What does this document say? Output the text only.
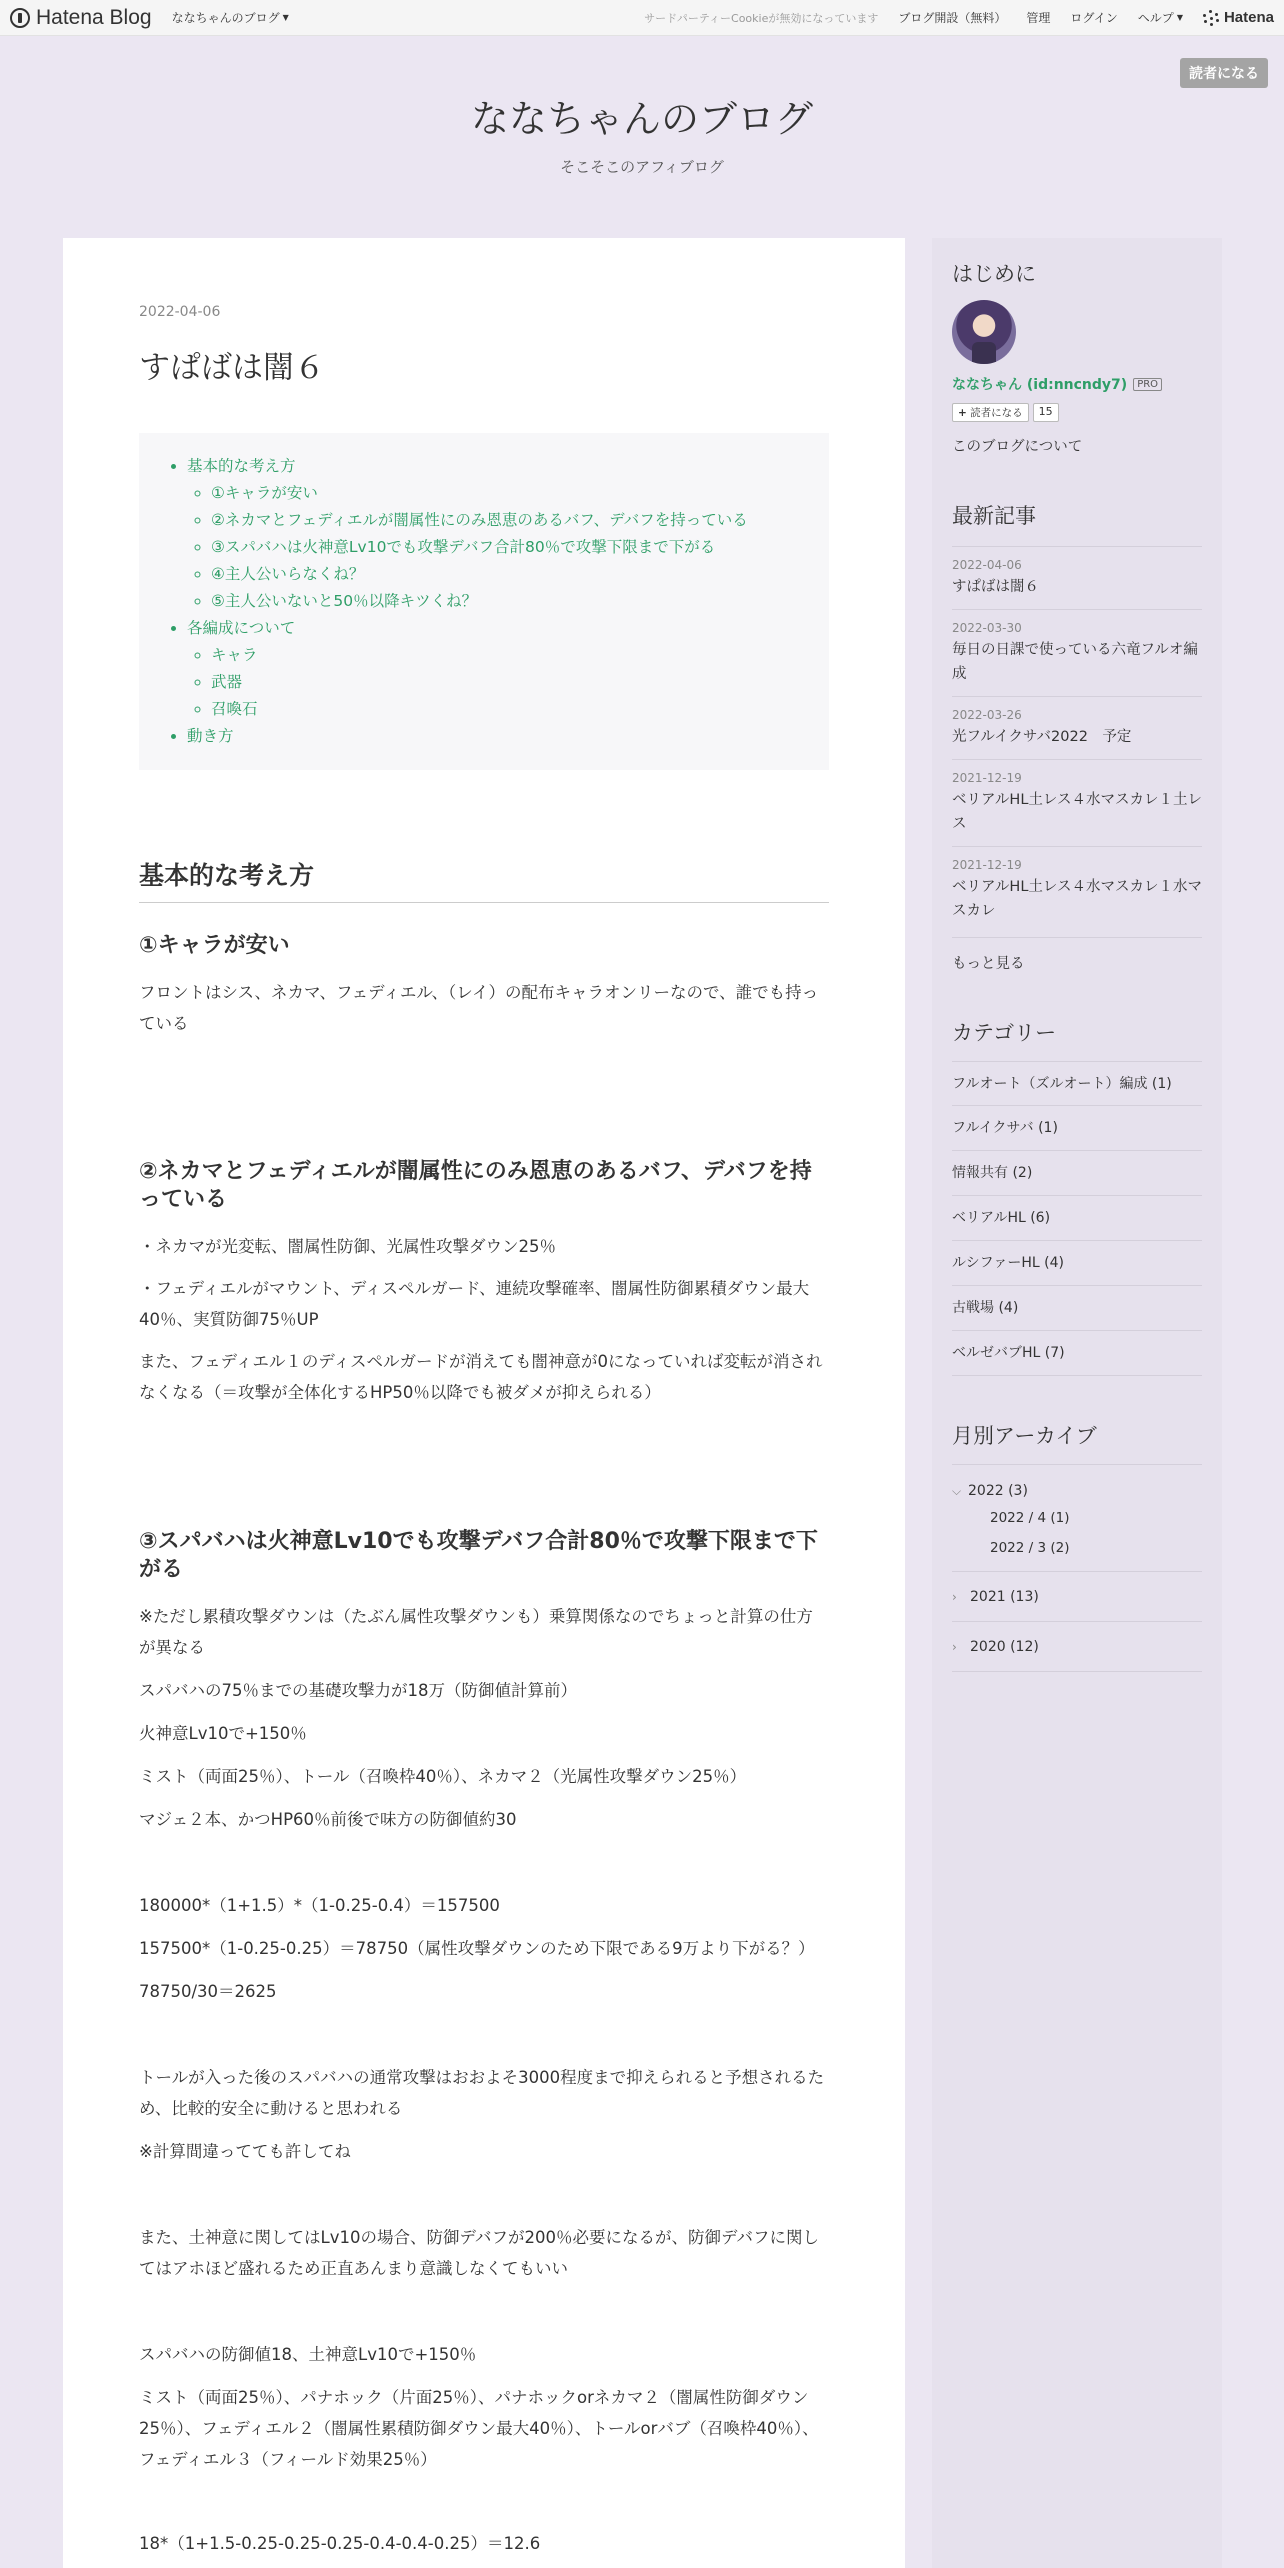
Hatena Blog ななちゃんのブログ ▼	サードパーティーCookieが無効になっています ブログ開設（無料） 管理 ログイン ヘルプ ▼	Hatena
読者になる
ななちゃんのブログ
そこそこのアフィブログ
2022-04-06
すぱばは闇６
• 基本的な考え方
◦ ①キャラが安い
◦ ②ネカマとフェディエルが闇属性にのみ恩恵のあるバフ、デバフを持っている
◦ ③スパバハは火神意Lv10でも攻撃デバフ合計80％で攻撃下限まで下がる
◦ ④主人公いらなくね？
◦ ⑤主人公いないと50％以降キツくね？
• 各編成について
◦ キャラ
◦ 武器
◦ 召喚石
• 動き方
基本的な考え方
①キャラが安い

フロントはシス、ネカマ、フェディエル、（レイ）の配布キャラオンリーなので、誰でも持っている

②ネカマとフェディエルが闇属性にのみ恩恵のあるバフ、デバフを持っている

・ネカマが光変転、闇属性防御、光属性攻撃ダウン25％

・フェディエルがマウント、ディスペルガード、連続攻撃確率、闇属性防御累積ダウン最大40％、実質防御75％UP

また、フェディエル１のディスペルガードが消えても闇神意が0になっていれば変転が消されなくなる（＝攻撃が全体化するHP50％以降でも被ダメが抑えられる）

③スパバハは火神意Lv10でも攻撃デバフ合計80％で攻撃下限まで下がる

※ただし累積攻撃ダウンは（たぶん属性攻撃ダウンも）乗算関係なのでちょっと計算の仕方が異なる

スパバハの75％までの基礎攻撃力が18万（防御値計算前）

火神意Lv10で+150％

ミスト（両面25％）、トール（召喚枠40％）、ネカマ２（光属性攻撃ダウン25％）

マジェ２本、かつHP60％前後で味方の防御値約30

180000*（1+1.5）*（1-0.25-0.4）＝157500

157500*（1-0.25-0.25）＝78750（属性攻撃ダウンのため下限である9万より下がる？）

78750/30＝2625

トールが入った後のスパバハの通常攻撃はおおよそ3000程度まで抑えられると予想されるため、比較的安全に動けると思われる

※計算間違ってても許してね

また、土神意に関してはLv10の場合、防御デバフが200％必要になるが、防御デバフに関してはアホほど盛れるため正直あんまり意識しなくてもいい

スパバハの防御値18、土神意Lv10で+150％

ミスト（両面25％）、パナホック（片面25％）、パナホックorネカマ２（闇属性防御ダウン25％）、フェディエル２（闇属性累積防御ダウン最大40％）、トールorバブ（召喚枠40％）、フェディエル３（フィールド効果25％）

18*（1+1.5-0.25-0.25-0.25-0.4-0.4-0.25）＝12.6

はじめに
ななちゃん (id:nncndy7)	PRO
+ 読者になる	15
このブログについて
最新記事
2022-04-06
すぱばは闇６
2022-03-30
毎日の日課で使っている六竜フルオ編成
2022-03-26
光フルイクサバ2022　予定
2021-12-19
ベリアルHL土レス４水マスカレ１土レス
2021-12-19
ベリアルHL土レス４水マスカレ１水マスカレ
もっと見る
カテゴリー
フルオート（ズルオート）編成 (1)
フルイクサバ (1)
情報共有 (2)
ベリアルHL (6)
ルシファーHL (4)
古戦場 (4)
ベルゼバブHL (7)
月別アーカイブ
⌵ 2022 (3)
2022 / 4 (1)
2022 / 3 (2)
› 2021 (13)
› 2020 (12)
